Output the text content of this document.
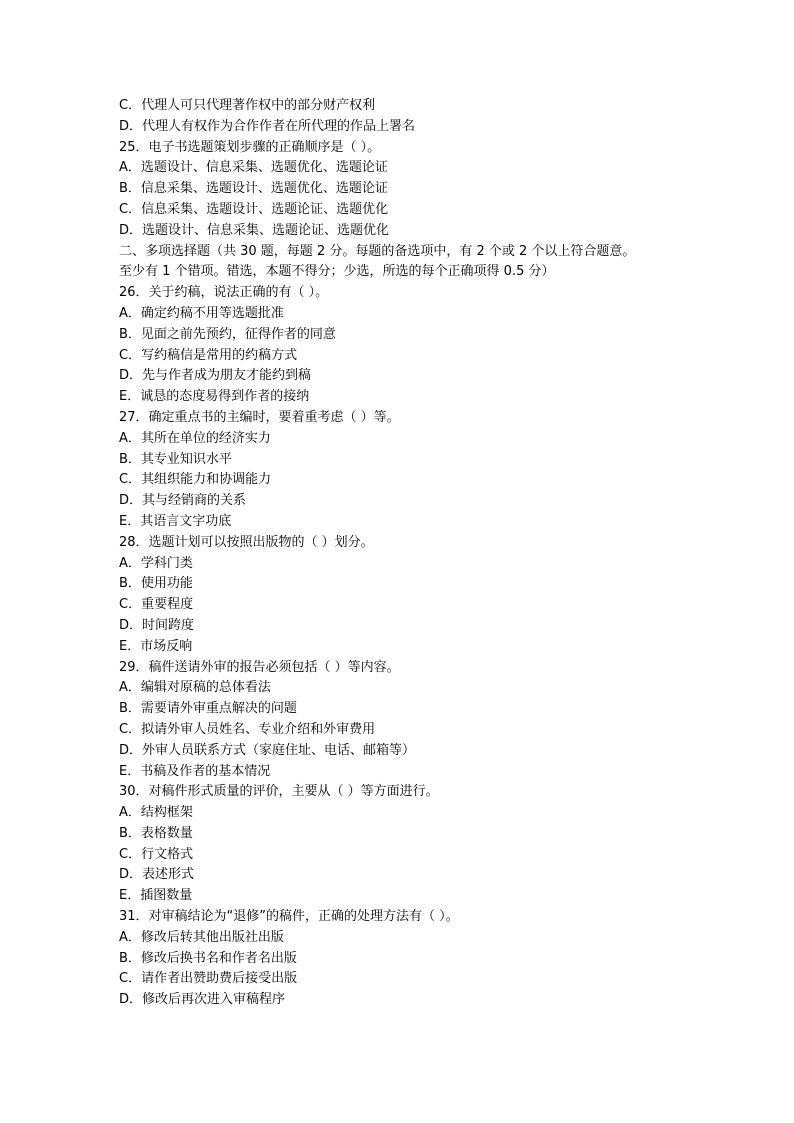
C．代理人可只代理著作权中的部分财产权利
D．代理人有权作为合作作者在所代理的作品上署名
25．电子书选题策划步骤的正确顺序是（ ）。
A．选题设计、信息采集、选题优化、选题论证
B．信息采集、选题设计、选题优化、选题论证
C．信息采集、选题设计、选题论证、选题优化
D．选题设计、信息采集、选题论证、选题优化
二、多项选择题（共 30 题，每题 2 分。每题的备选项中，有 2 个或 2 个以上符合题意。
至少有 1 个错项。错选，本题不得分；少选，所选的每个正确项得 0.5 分）
26．关于约稿，说法正确的有（ ）。
A．确定约稿不用等选题批准
B．见面之前先预约，征得作者的同意
C．写约稿信是常用的约稿方式
D．先与作者成为朋友才能约到稿
E．诚恳的态度易得到作者的接纳
27．确定重点书的主编时，要着重考虑（ ）等。
A．其所在单位的经济实力
B．其专业知识水平
C．其组织能力和协调能力
D．其与经销商的关系
E．其语言文字功底
28．选题计划可以按照出版物的（ ）划分。
A．学科门类
B．使用功能
C．重要程度
D．时间跨度
E．市场反响
29．稿件送请外审的报告必须包括（ ）等内容。
A．编辑对原稿的总体看法
B．需要请外审重点解决的问题
C．拟请外审人员姓名、专业介绍和外审费用
D．外审人员联系方式（家庭住址、电话、邮箱等）
E．书稿及作者的基本情况
30．对稿件形式质量的评价，主要从（ ）等方面进行。
A．结构框架
B．表格数量
C．行文格式
D．表述形式
E．插图数量
31．对审稿结论为“退修”的稿件，正确的处理方法有（ ）。
A．修改后转其他出版社出版
B．修改后换书名和作者名出版
C．请作者出赞助费后接受出版
D．修改后再次进入审稿程序
